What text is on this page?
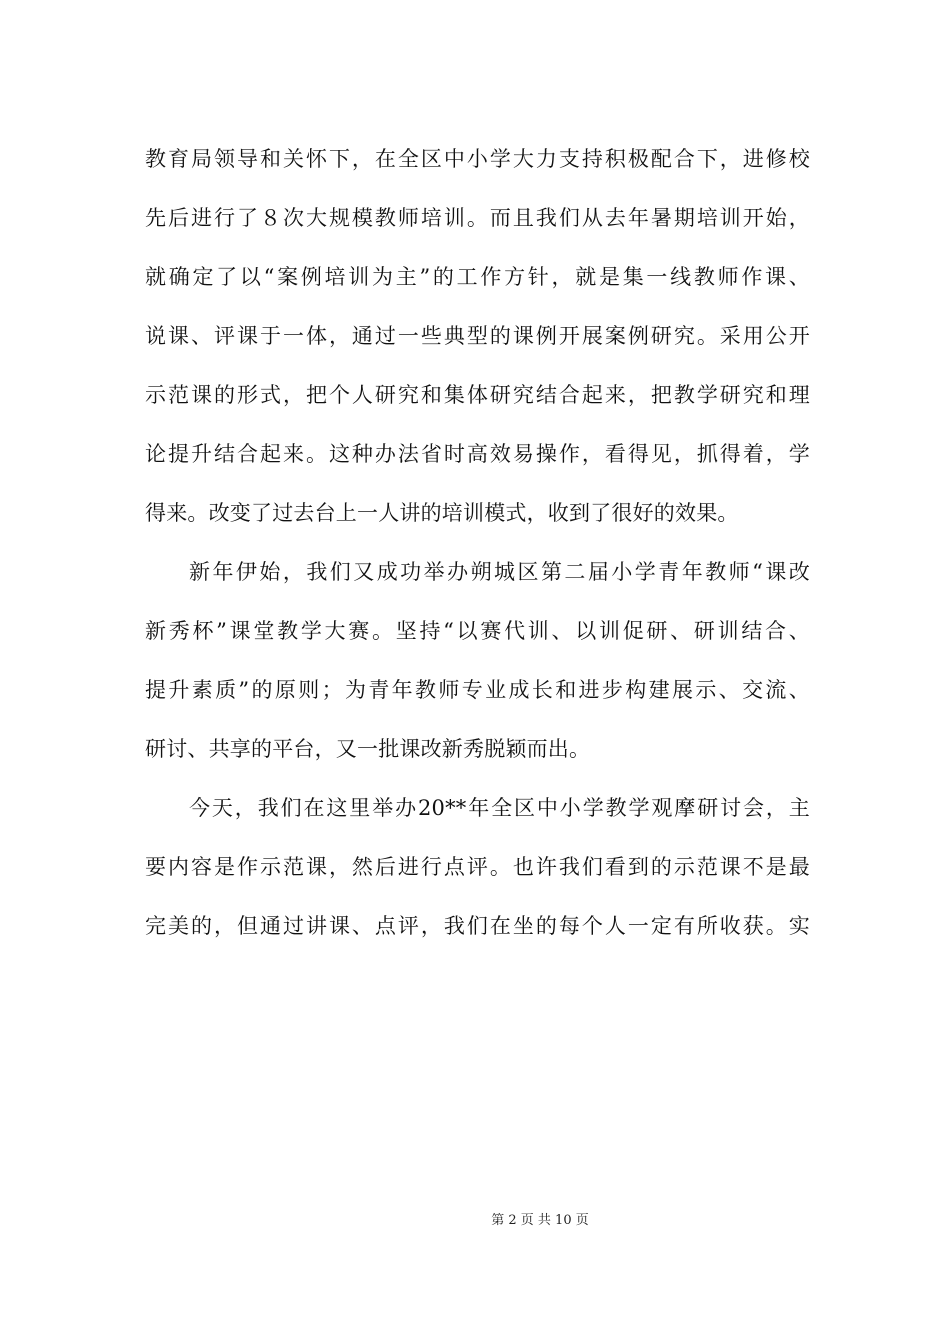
教育局领导和关怀下，在全区中小学大力支持积极配合下，进修校
先后进行了８次大规模教师培训。而且我们从去年暑期培训开始，
就确定了以“案例培训为主”的工作方针，就是集一线教师作课、
说课、评课于一体，通过一些典型的课例开展案例研究。采用公开
示范课的形式，把个人研究和集体研究结合起来，把教学研究和理
论提升结合起来。这种办法省时高效易操作，看得见，抓得着，学
得来。改变了过去台上一人讲的培训模式，收到了很好的效果。
新年伊始，我们又成功举办朔城区第二届小学青年教师“课改
新秀杯”课堂教学大赛。坚持“以赛代训、以训促研、研训结合、
提升素质”的原则；为青年教师专业成长和进步构建展示、交流、
研讨、共享的平台，又一批课改新秀脱颖而出。
今天，我们在这里举办20**年全区中小学教学观摩研讨会，主
要内容是作示范课，然后进行点评。也许我们看到的示范课不是最
完美的，但通过讲课、点评，我们在坐的每个人一定有所收获。实
第 2 页 共 10 页
